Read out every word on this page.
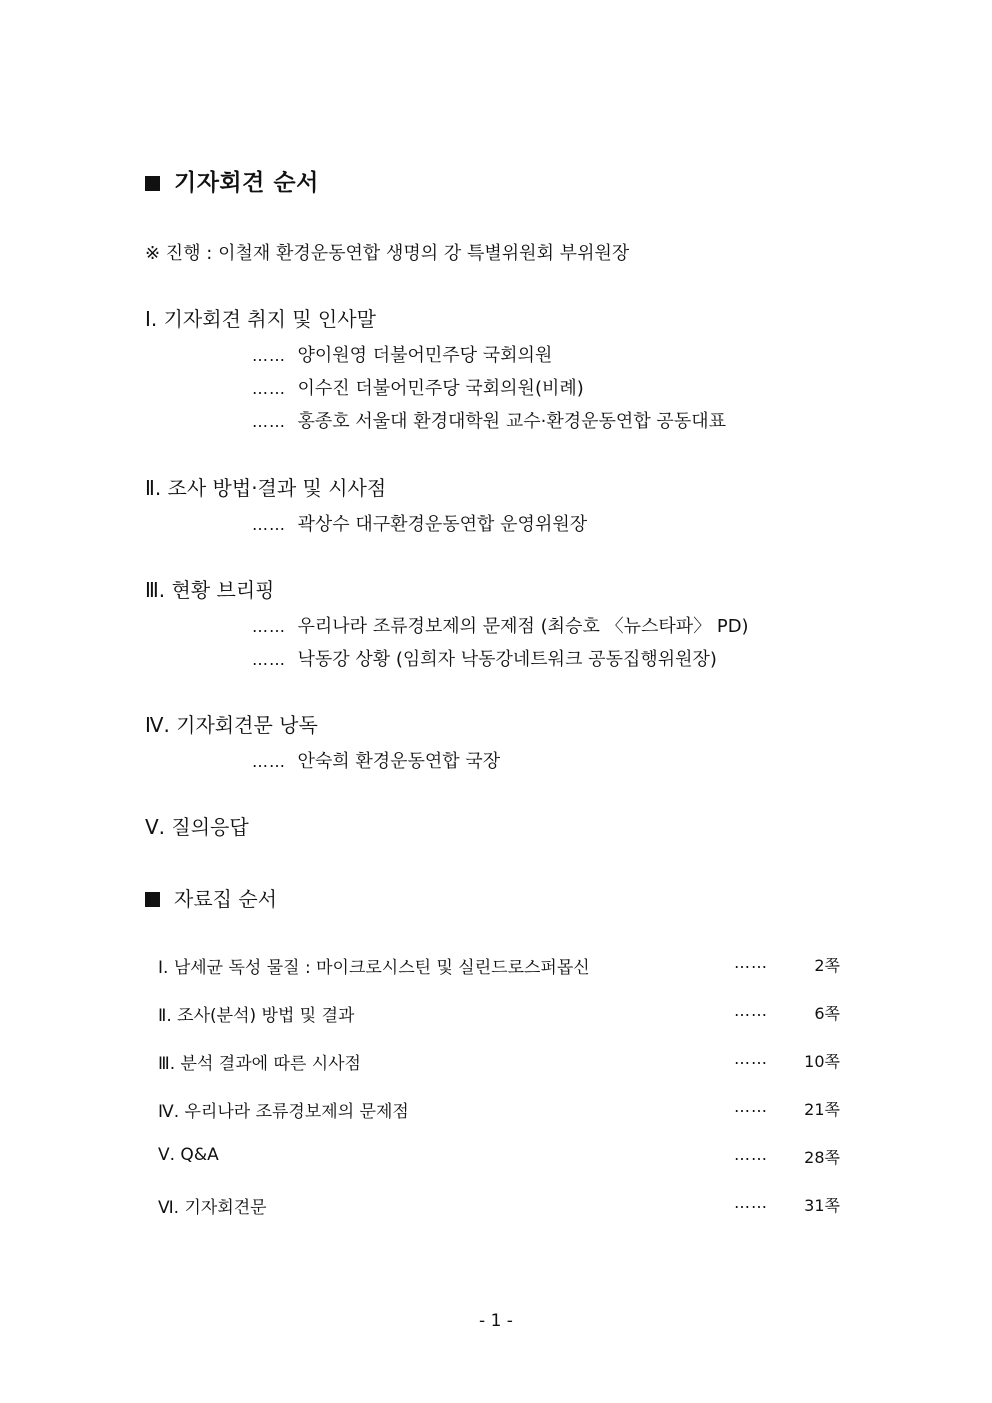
기자회견 순서
※ 진행 : 이철재 환경운동연합 생명의 강 특별위원회 부위원장
Ⅰ. 기자회견 취지 및 인사말
…… 양이원영 더불어민주당 국회의원
…… 이수진 더불어민주당 국회의원(비례)
…… 홍종호 서울대 환경대학원 교수·환경운동연합 공동대표
Ⅱ. 조사 방법·결과 및 시사점
…… 곽상수 대구환경운동연합 운영위원장
Ⅲ. 현황 브리핑
…… 우리나라 조류경보제의 문제점 (최승호 〈뉴스타파〉 PD)
…… 낙동강 상황 (임희자 낙동강네트워크 공동집행위원장)
Ⅳ. 기자회견문 낭독
…… 안숙희 환경운동연합 국장
Ⅴ. 질의응답
자료집 순서
Ⅰ. 남세균 독성 물질 : 마이크로시스틴 및 실린드로스퍼몹신	……	2쪽
Ⅱ. 조사(분석) 방법 및 결과	……	6쪽
Ⅲ. 분석 결과에 따른 시사점	…… 10쪽
Ⅳ. 우리나라 조류경보제의 문제점	…… 21쪽
Ⅴ. Q&A	…… 28쪽
Ⅵ. 기자회견문	…… 31쪽
- 1 -
